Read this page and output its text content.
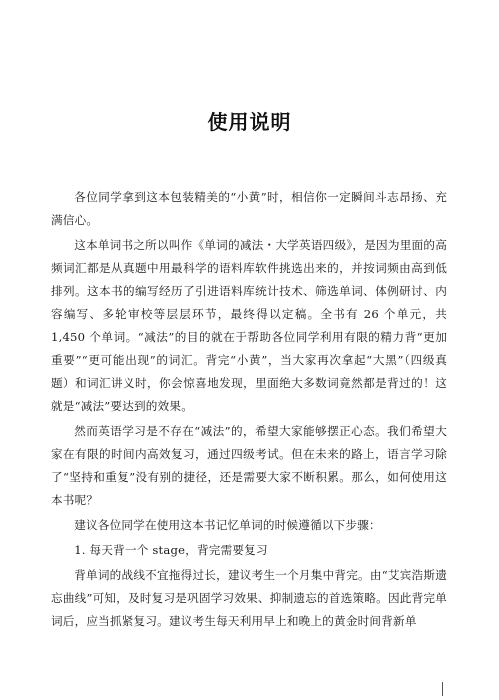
使用说明

各位同学拿到这本包装精美的“小黄”时，相信你一定瞬间斗志昂扬、充满信心。

这本单词书之所以叫作《单词的减法・大学英语四级》，是因为里面的高频词汇都是从真题中用最科学的语料库软件挑选出来的，并按词频由高到低排列。这本书的编写经历了引进语料库统计技术、筛选单词、体例研讨、内容编写、多轮审校等层层环节，最终得以定稿。全书有 26 个单元，共 1,450 个单词。“减法”的目的就在于帮助各位同学利用有限的精力背“更加重要”“更可能出现”的词汇。背完“小黄”，当大家再次拿起“大黑”（四级真题）和词汇讲义时，你会惊喜地发现，里面绝大多数词竟然都是背过的！这就是“减法”要达到的效果。

然而英语学习是不存在“减法”的，希望大家能够摆正心态。我们希望大家在有限的时间内高效复习，通过四级考试。但在未来的路上，语言学习除了“坚持和重复”没有别的捷径，还是需要大家不断积累。那么，如何使用这本书呢？

建议各位同学在使用这本书记忆单词的时候遵循以下步骤：

1. 每天背一个 stage，背完需要复习

背单词的战线不宜拖得过长，建议考生一个月集中背完。由“艾宾浩斯遗忘曲线”可知，及时复习是巩固学习效果、抑制遗忘的首选策略。因此背完单词后，应当抓紧复习。建议考生每天利用早上和晚上的黄金时间背新单
